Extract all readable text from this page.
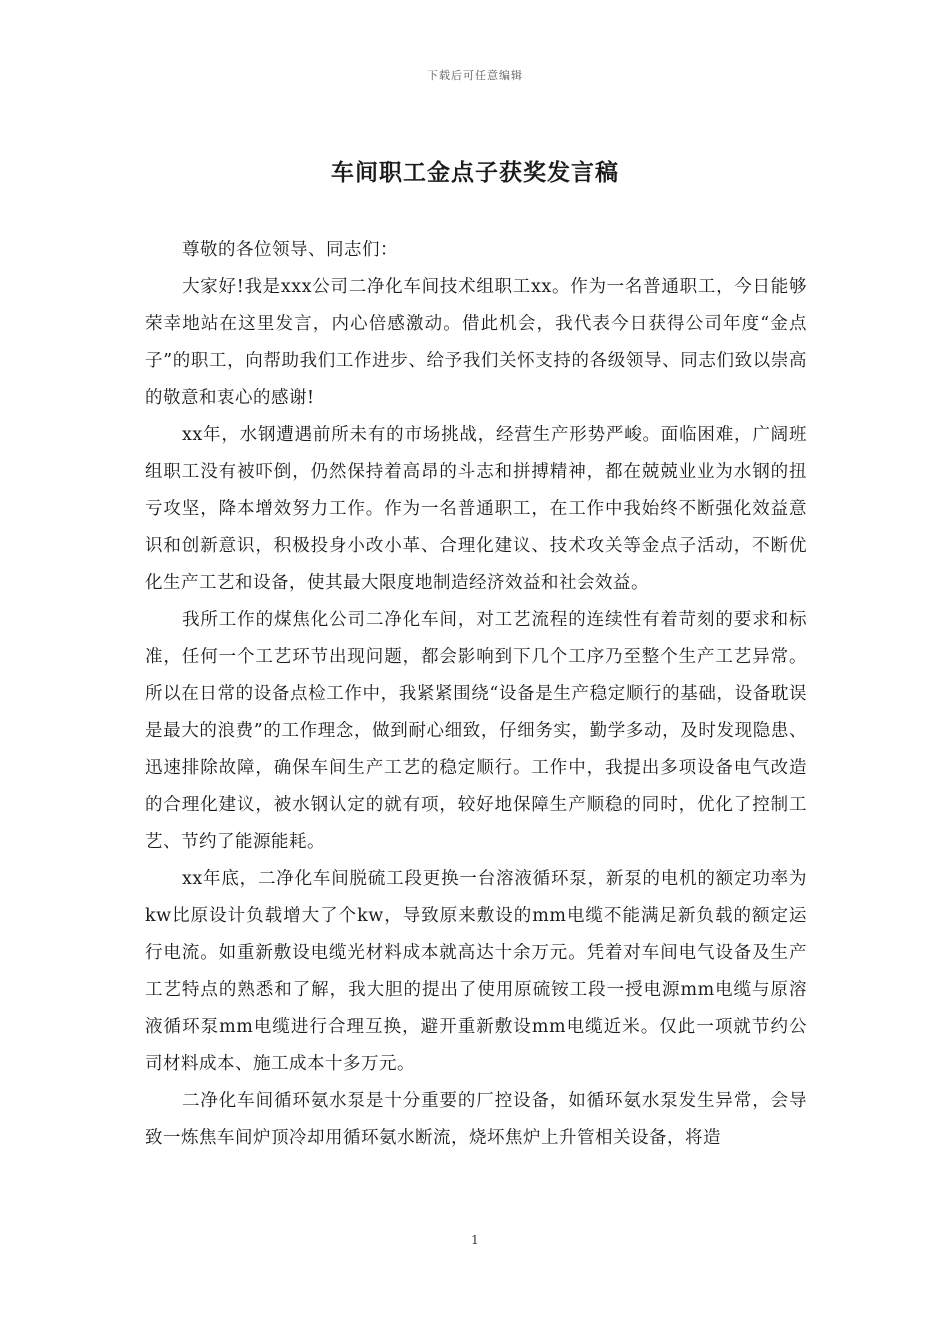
下载后可任意编辑
车间职工金点子获奖发言稿

尊敬的各位领导、同志们：

大家好!我是xxx公司二净化车间技术组职工xx。作为一名普通职工，今日能够荣幸地站在这里发言，内心倍感激动。借此机会，我代表今日获得公司年度“金点子”的职工，向帮助我们工作进步、给予我们关怀支持的各级领导、同志们致以崇高的敬意和衷心的感谢!

xx年，水钢遭遇前所未有的市场挑战，经营生产形势严峻。面临困难，广阔班组职工没有被吓倒，仍然保持着高昂的斗志和拼搏精神，都在兢兢业业为水钢的扭亏攻坚，降本增效努力工作。作为一名普通职工，在工作中我始终不断强化效益意识和创新意识，积极投身小改小革、合理化建议、技术攻关等金点子活动，不断优化生产工艺和设备，使其最大限度地制造经济效益和社会效益。

我所工作的煤焦化公司二净化车间，对工艺流程的连续性有着苛刻的要求和标准，任何一个工艺环节出现问题，都会影响到下几个工序乃至整个生产工艺异常。所以在日常的设备点检工作中，我紧紧围绕“设备是生产稳定顺行的基础，设备耽误是最大的浪费”的工作理念，做到耐心细致，仔细务实，勤学多动，及时发现隐患、迅速排除故障，确保车间生产工艺的稳定顺行。工作中，我提出多项设备电气改造的合理化建议，被水钢认定的就有项，较好地保障生产顺稳的同时，优化了控制工艺、节约了能源能耗。

xx年底，二净化车间脱硫工段更换一台溶液循环泵，新泵的电机的额定功率为kw比原设计负载增大了个kw，导致原来敷设的mm电缆不能满足新负载的额定运行电流。如重新敷设电缆光材料成本就高达十余万元。凭着对车间电气设备及生产工艺特点的熟悉和了解，我大胆的提出了使用原硫铵工段一授电源mm电缆与原溶液循环泵mm电缆进行合理互换，避开重新敷设mm电缆近米。仅此一项就节约公司材料成本、施工成本十多万元。

二净化车间循环氨水泵是十分重要的厂控设备，如循环氨水泵发生异常，会导致一炼焦车间炉顶冷却用循环氨水断流，烧坏焦炉上升管相关设备，将造

1
